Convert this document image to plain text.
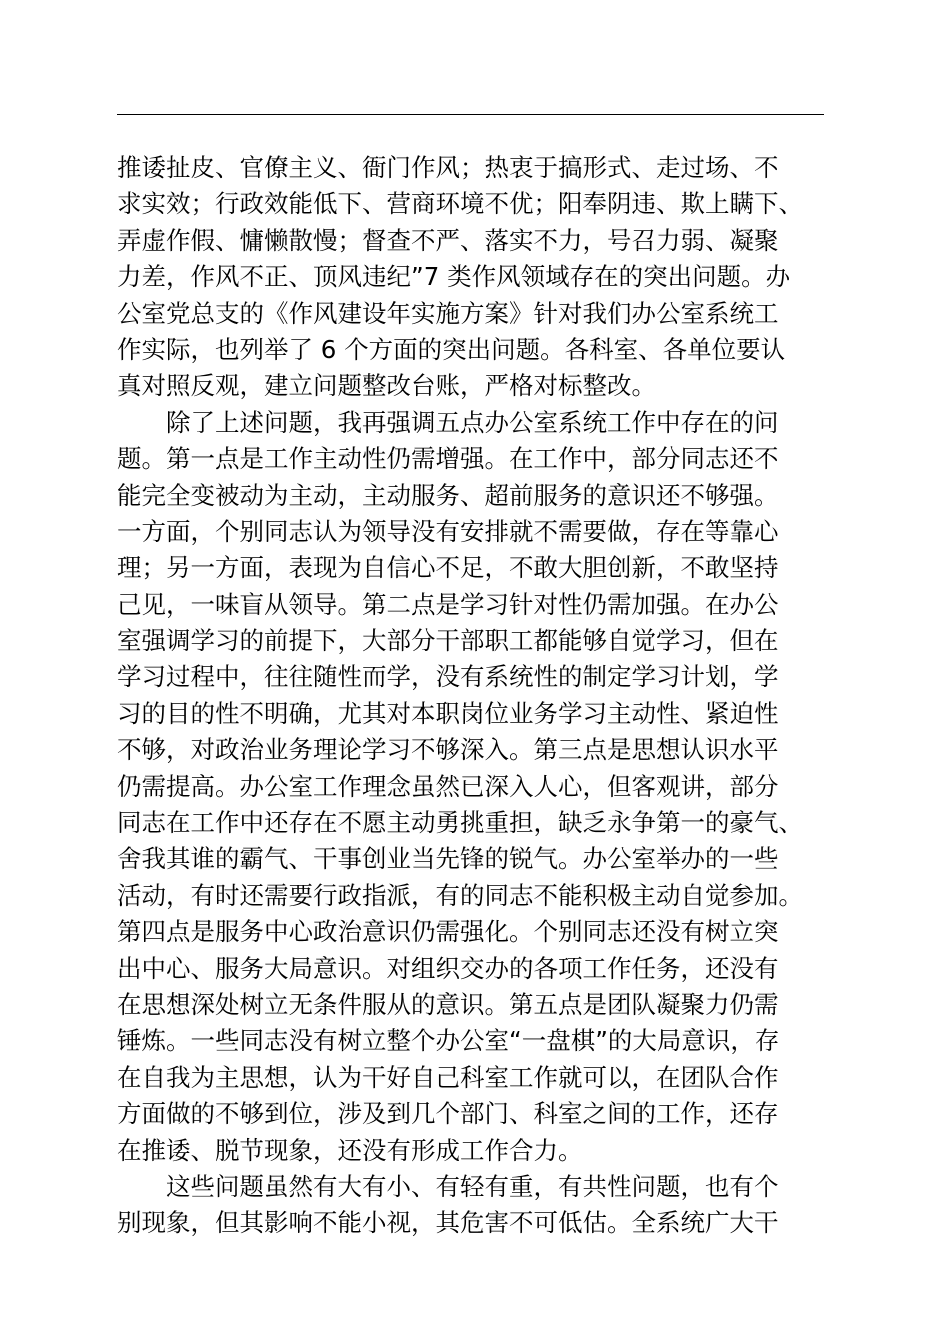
推诿扯皮、官僚主义、衙门作风；热衷于搞形式、走过场、不
求实效；行政效能低下、营商环境不优；阳奉阴违、欺上瞒下、
弄虚作假、慵懒散慢；督查不严、落实不力，号召力弱、凝聚
力差，作风不正、顶风违纪”7 类作风领域存在的突出问题。办
公室党总支的《作风建设年实施方案》针对我们办公室系统工
作实际，也列举了 6 个方面的突出问题。各科室、各单位要认
真对照反观，建立问题整改台账，严格对标整改。
除了上述问题，我再强调五点办公室系统工作中存在的问
题。第一点是工作主动性仍需增强。在工作中，部分同志还不
能完全变被动为主动，主动服务、超前服务的意识还不够强。
一方面，个别同志认为领导没有安排就不需要做，存在等靠心
理；另一方面，表现为自信心不足，不敢大胆创新，不敢坚持
己见，一味盲从领导。第二点是学习针对性仍需加强。在办公
室强调学习的前提下，大部分干部职工都能够自觉学习，但在
学习过程中，往往随性而学，没有系统性的制定学习计划，学
习的目的性不明确，尤其对本职岗位业务学习主动性、紧迫性
不够，对政治业务理论学习不够深入。第三点是思想认识水平
仍需提高。办公室工作理念虽然已深入人心，但客观讲，部分
同志在工作中还存在不愿主动勇挑重担，缺乏永争第一的豪气、
舍我其谁的霸气、干事创业当先锋的锐气。办公室举办的一些
活动，有时还需要行政指派，有的同志不能积极主动自觉参加。
第四点是服务中心政治意识仍需强化。个别同志还没有树立突
出中心、服务大局意识。对组织交办的各项工作任务，还没有
在思想深处树立无条件服从的意识。第五点是团队凝聚力仍需
锤炼。一些同志没有树立整个办公室“一盘棋”的大局意识，存
在自我为主思想，认为干好自己科室工作就可以，在团队合作
方面做的不够到位，涉及到几个部门、科室之间的工作，还存
在推诿、脱节现象，还没有形成工作合力。
这些问题虽然有大有小、有轻有重，有共性问题，也有个
别现象，但其影响不能小视，其危害不可低估。全系统广大干
